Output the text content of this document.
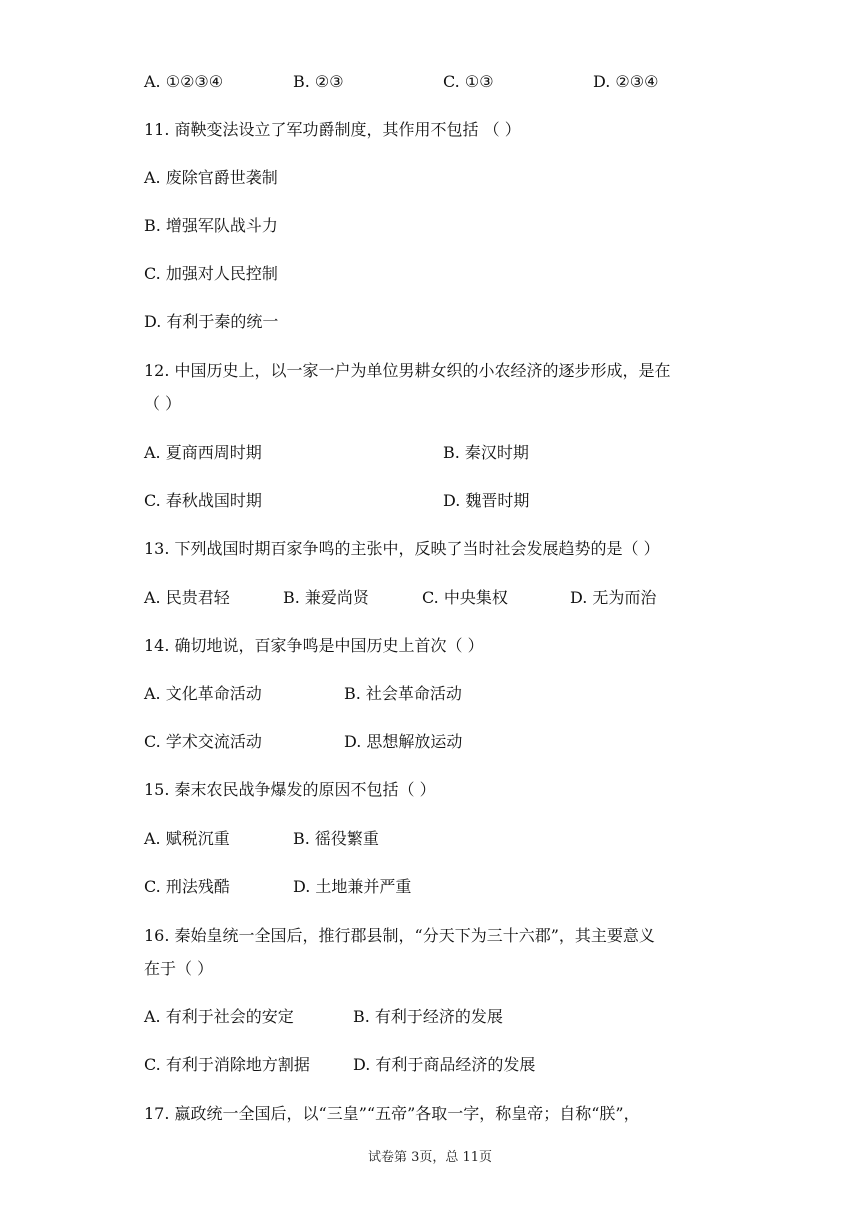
A. ①②③④	B. ②③	C. ①③	D. ②③④
11. 商鞅变法设立了军功爵制度，其作用不包括 （ ）
A. 废除官爵世袭制
B. 增强军队战斗力
C. 加强对人民控制
D. 有利于秦的统一
12. 中国历史上，以一家一户为单位男耕女织的小农经济的逐步形成，是在
（ ）
A. 夏商西周时期	B. 秦汉时期
C. 春秋战国时期	D. 魏晋时期
13. 下列战国时期百家争鸣的主张中，反映了当时社会发展趋势的是（ ）
A. 民贵君轻	B. 兼爱尚贤	C. 中央集权	D. 无为而治
14. 确切地说，百家争鸣是中国历史上首次（ ）
A. 文化革命活动	B. 社会革命活动
C. 学术交流活动	D. 思想解放运动
15. 秦末农民战争爆发的原因不包括（ ）
A. 赋税沉重	B. 徭役繁重
C. 刑法残酷	D. 土地兼并严重
16. 秦始皇统一全国后，推行郡县制，“分天下为三十六郡”，其主要意义
在于（ ）
A. 有利于社会的安定	B. 有利于经济的发展
C. 有利于消除地方割据	D. 有利于商品经济的发展
17. 嬴政统一全国后，以“三皇”“五帝”各取一字，称皇帝；自称“朕”，
试卷第 3页，总 11页
